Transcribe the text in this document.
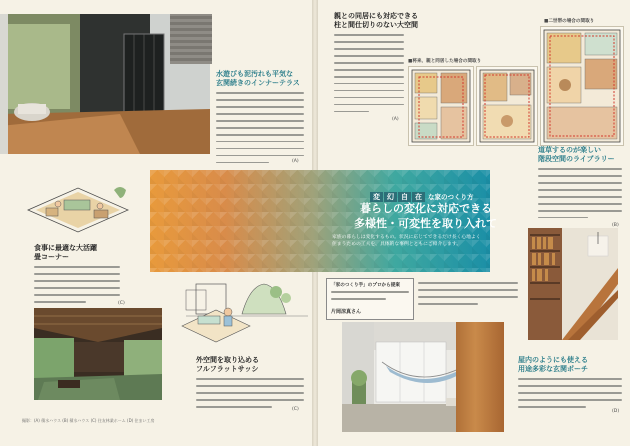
水遊びも泥汚れも平気な
玄関続きのインナーテラス
(A)
親との同居にも対応できる
柱と間仕切りのない大空間
(A)
■将来、親と同居した場合の間取り
■二世帯の場合の間取り
変 幻 自 在 な家のつくり方
暮らしの変化に対応できる
多様性・可変性を取り入れて
家族の暮らしは変化するもの。状況に応じてできるだけ長く心地よく住まうための工夫を、具体的な事例とともにご紹介します。
食事に最適な大活躍
畳コーナー
(C)
外空間を取り込める
フルフラットサッシ
(C)
道草するのが楽しい
階段空間のライブラリー
(B)
「家のつくり手」のプロから提案
片岡涼真さん
屋内のようにも使える
用途多彩な玄関ポーチ
(D)
撮影：(A) 積水ハウス (B) 積水ハウス (C) 住友林業ホーム (D) 住まい工房
